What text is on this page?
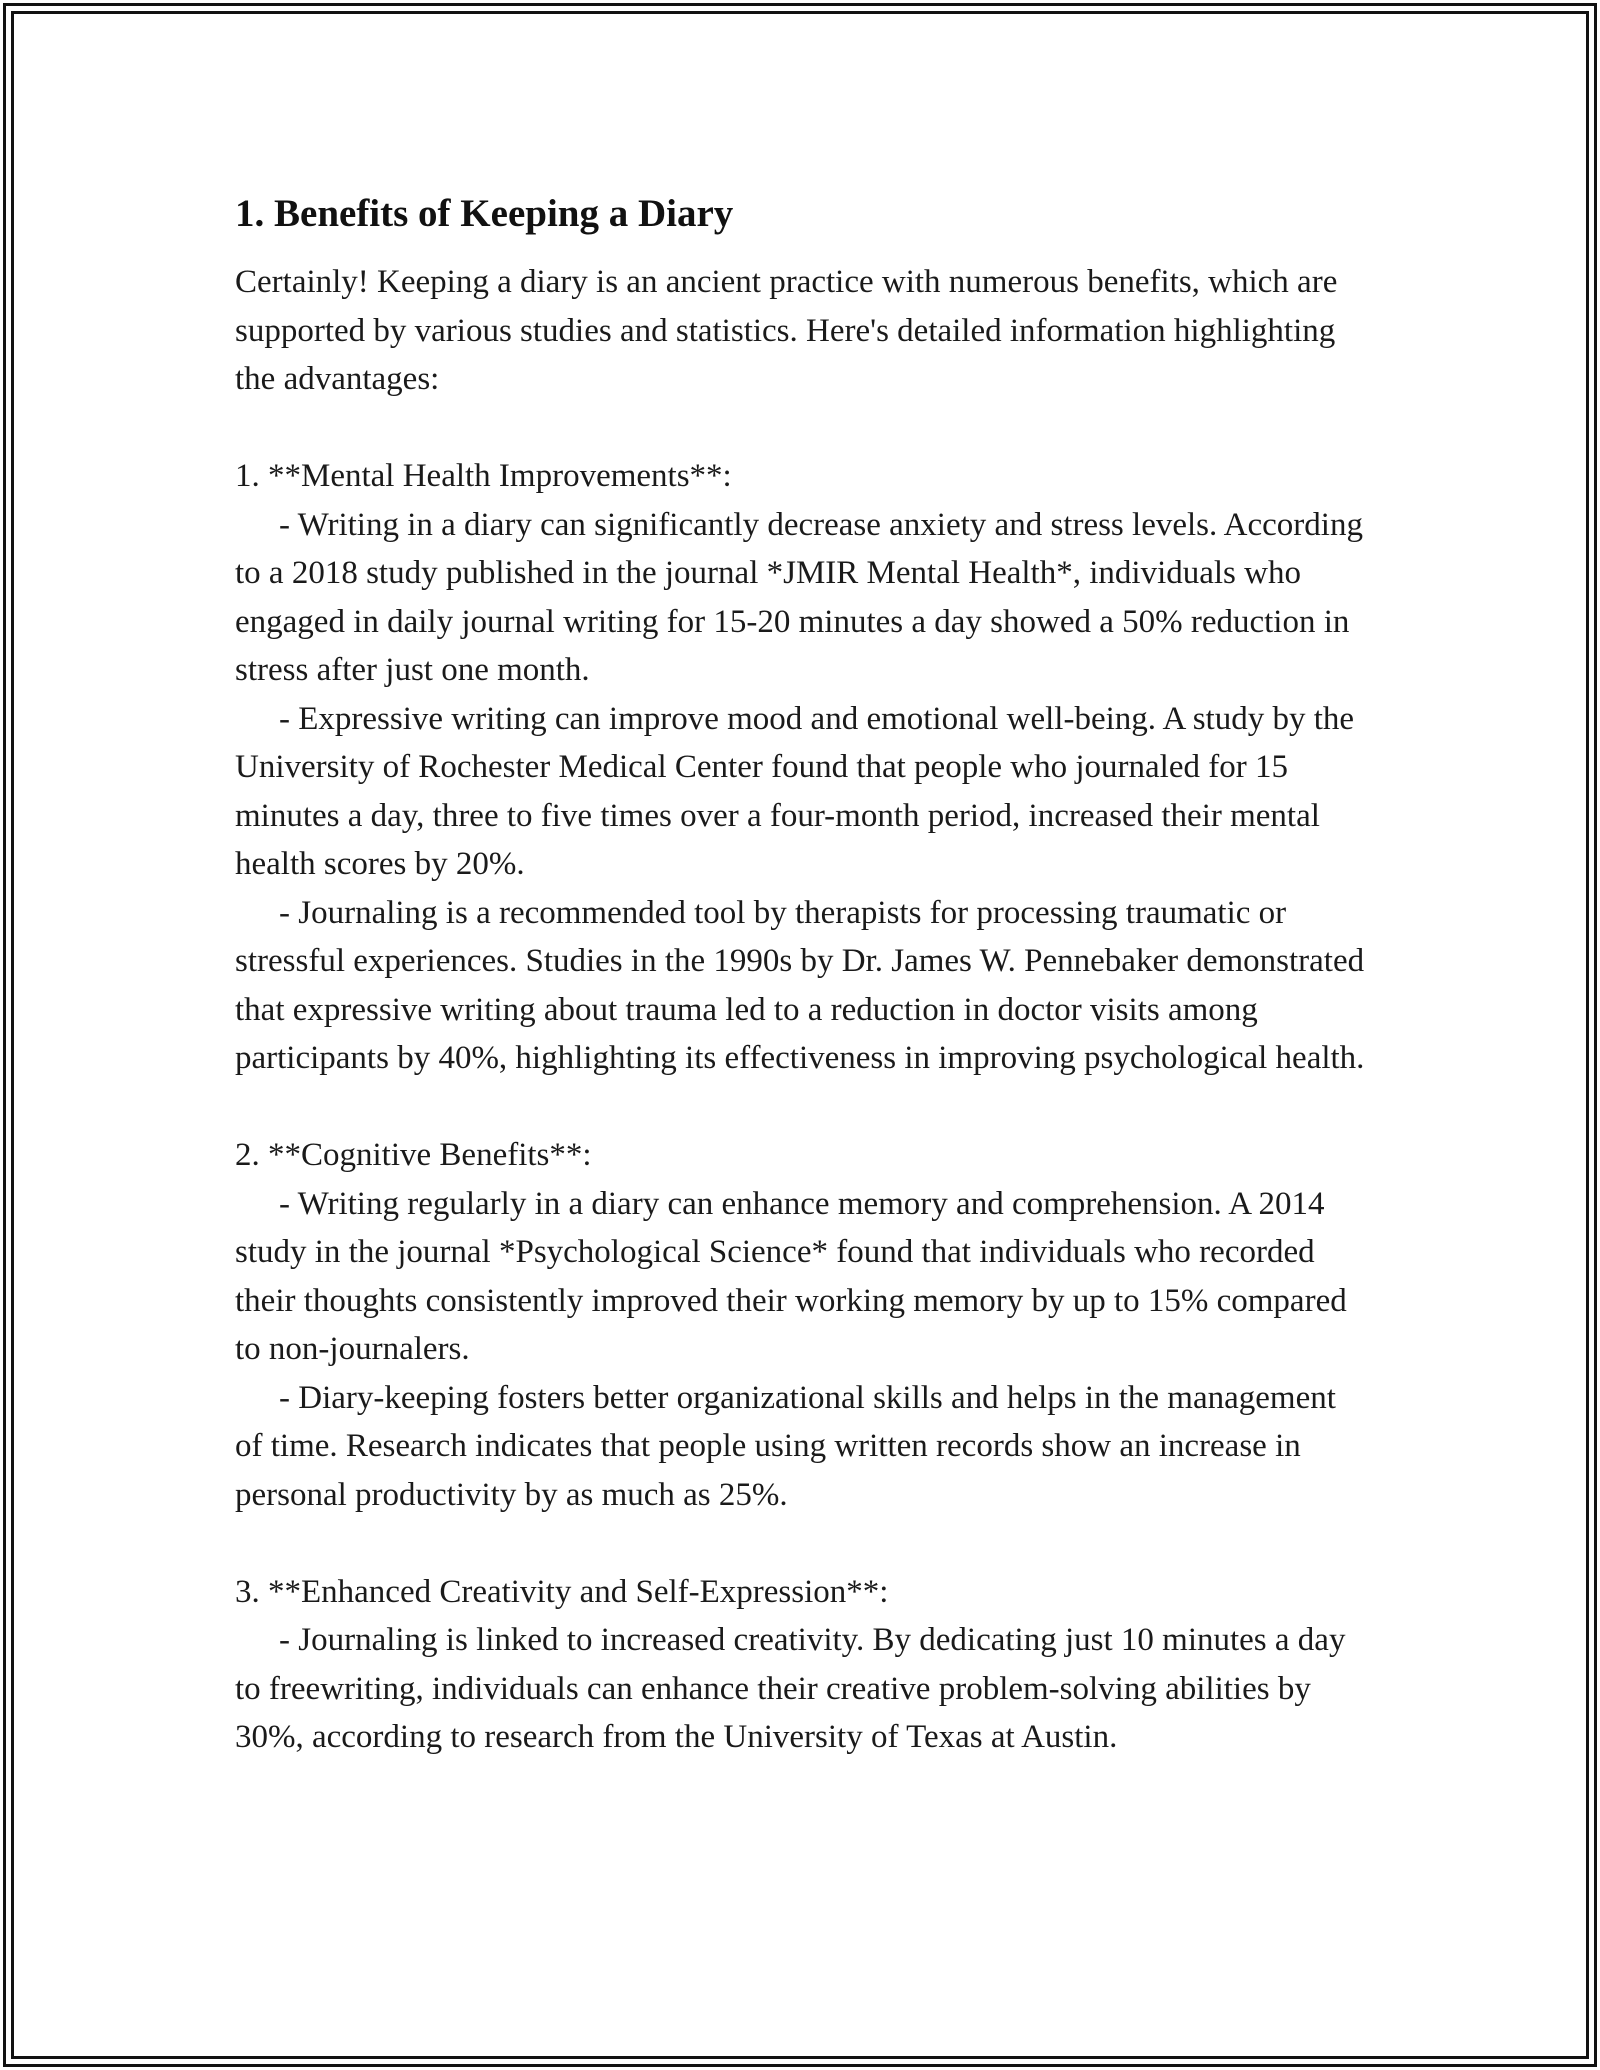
1. Benefits of Keeping a Diary

Certainly! Keeping a diary is an ancient practice with numerous benefits, which are supported by various studies and statistics. Here's detailed information highlighting the advantages:

1. **Mental Health Improvements**:
- Writing in a diary can significantly decrease anxiety and stress levels. According to a 2018 study published in the journal *JMIR Mental Health*, individuals who engaged in daily journal writing for 15-20 minutes a day showed a 50% reduction in stress after just one month.
- Expressive writing can improve mood and emotional well-being. A study by the University of Rochester Medical Center found that people who journaled for 15 minutes a day, three to five times over a four-month period, increased their mental health scores by 20%.
- Journaling is a recommended tool by therapists for processing traumatic or stressful experiences. Studies in the 1990s by Dr. James W. Pennebaker demonstrated that expressive writing about trauma led to a reduction in doctor visits among participants by 40%, highlighting its effectiveness in improving psychological health.
2. **Cognitive Benefits**:
- Writing regularly in a diary can enhance memory and comprehension. A 2014 study in the journal *Psychological Science* found that individuals who recorded their thoughts consistently improved their working memory by up to 15% compared to non-journalers.
- Diary-keeping fosters better organizational skills and helps in the management of time. Research indicates that people using written records show an increase in personal productivity by as much as 25%.
3. **Enhanced Creativity and Self-Expression**:
- Journaling is linked to increased creativity. By dedicating just 10 minutes a day to freewriting, individuals can enhance their creative problem-solving abilities by 30%, according to research from the University of Texas at Austin.
